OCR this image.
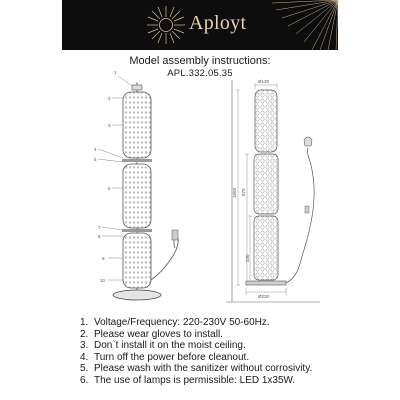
Aployt
Model assembly instructions:
APL.332.05.35
1
2
3
4
5
6
7
8
9
10
Ø130
Ø230
1668 870
330
1. Voltage/Frequency: 220-230V 50-60Hz.
2. Please wear gloves to install.
3. Don`t install it on the moist ceiling.
4. Turn off the power before cleanout.
5. Please wash with the sanitizer without corrosivity.
6. The use of lamps is permissible: LED 1x35W.
